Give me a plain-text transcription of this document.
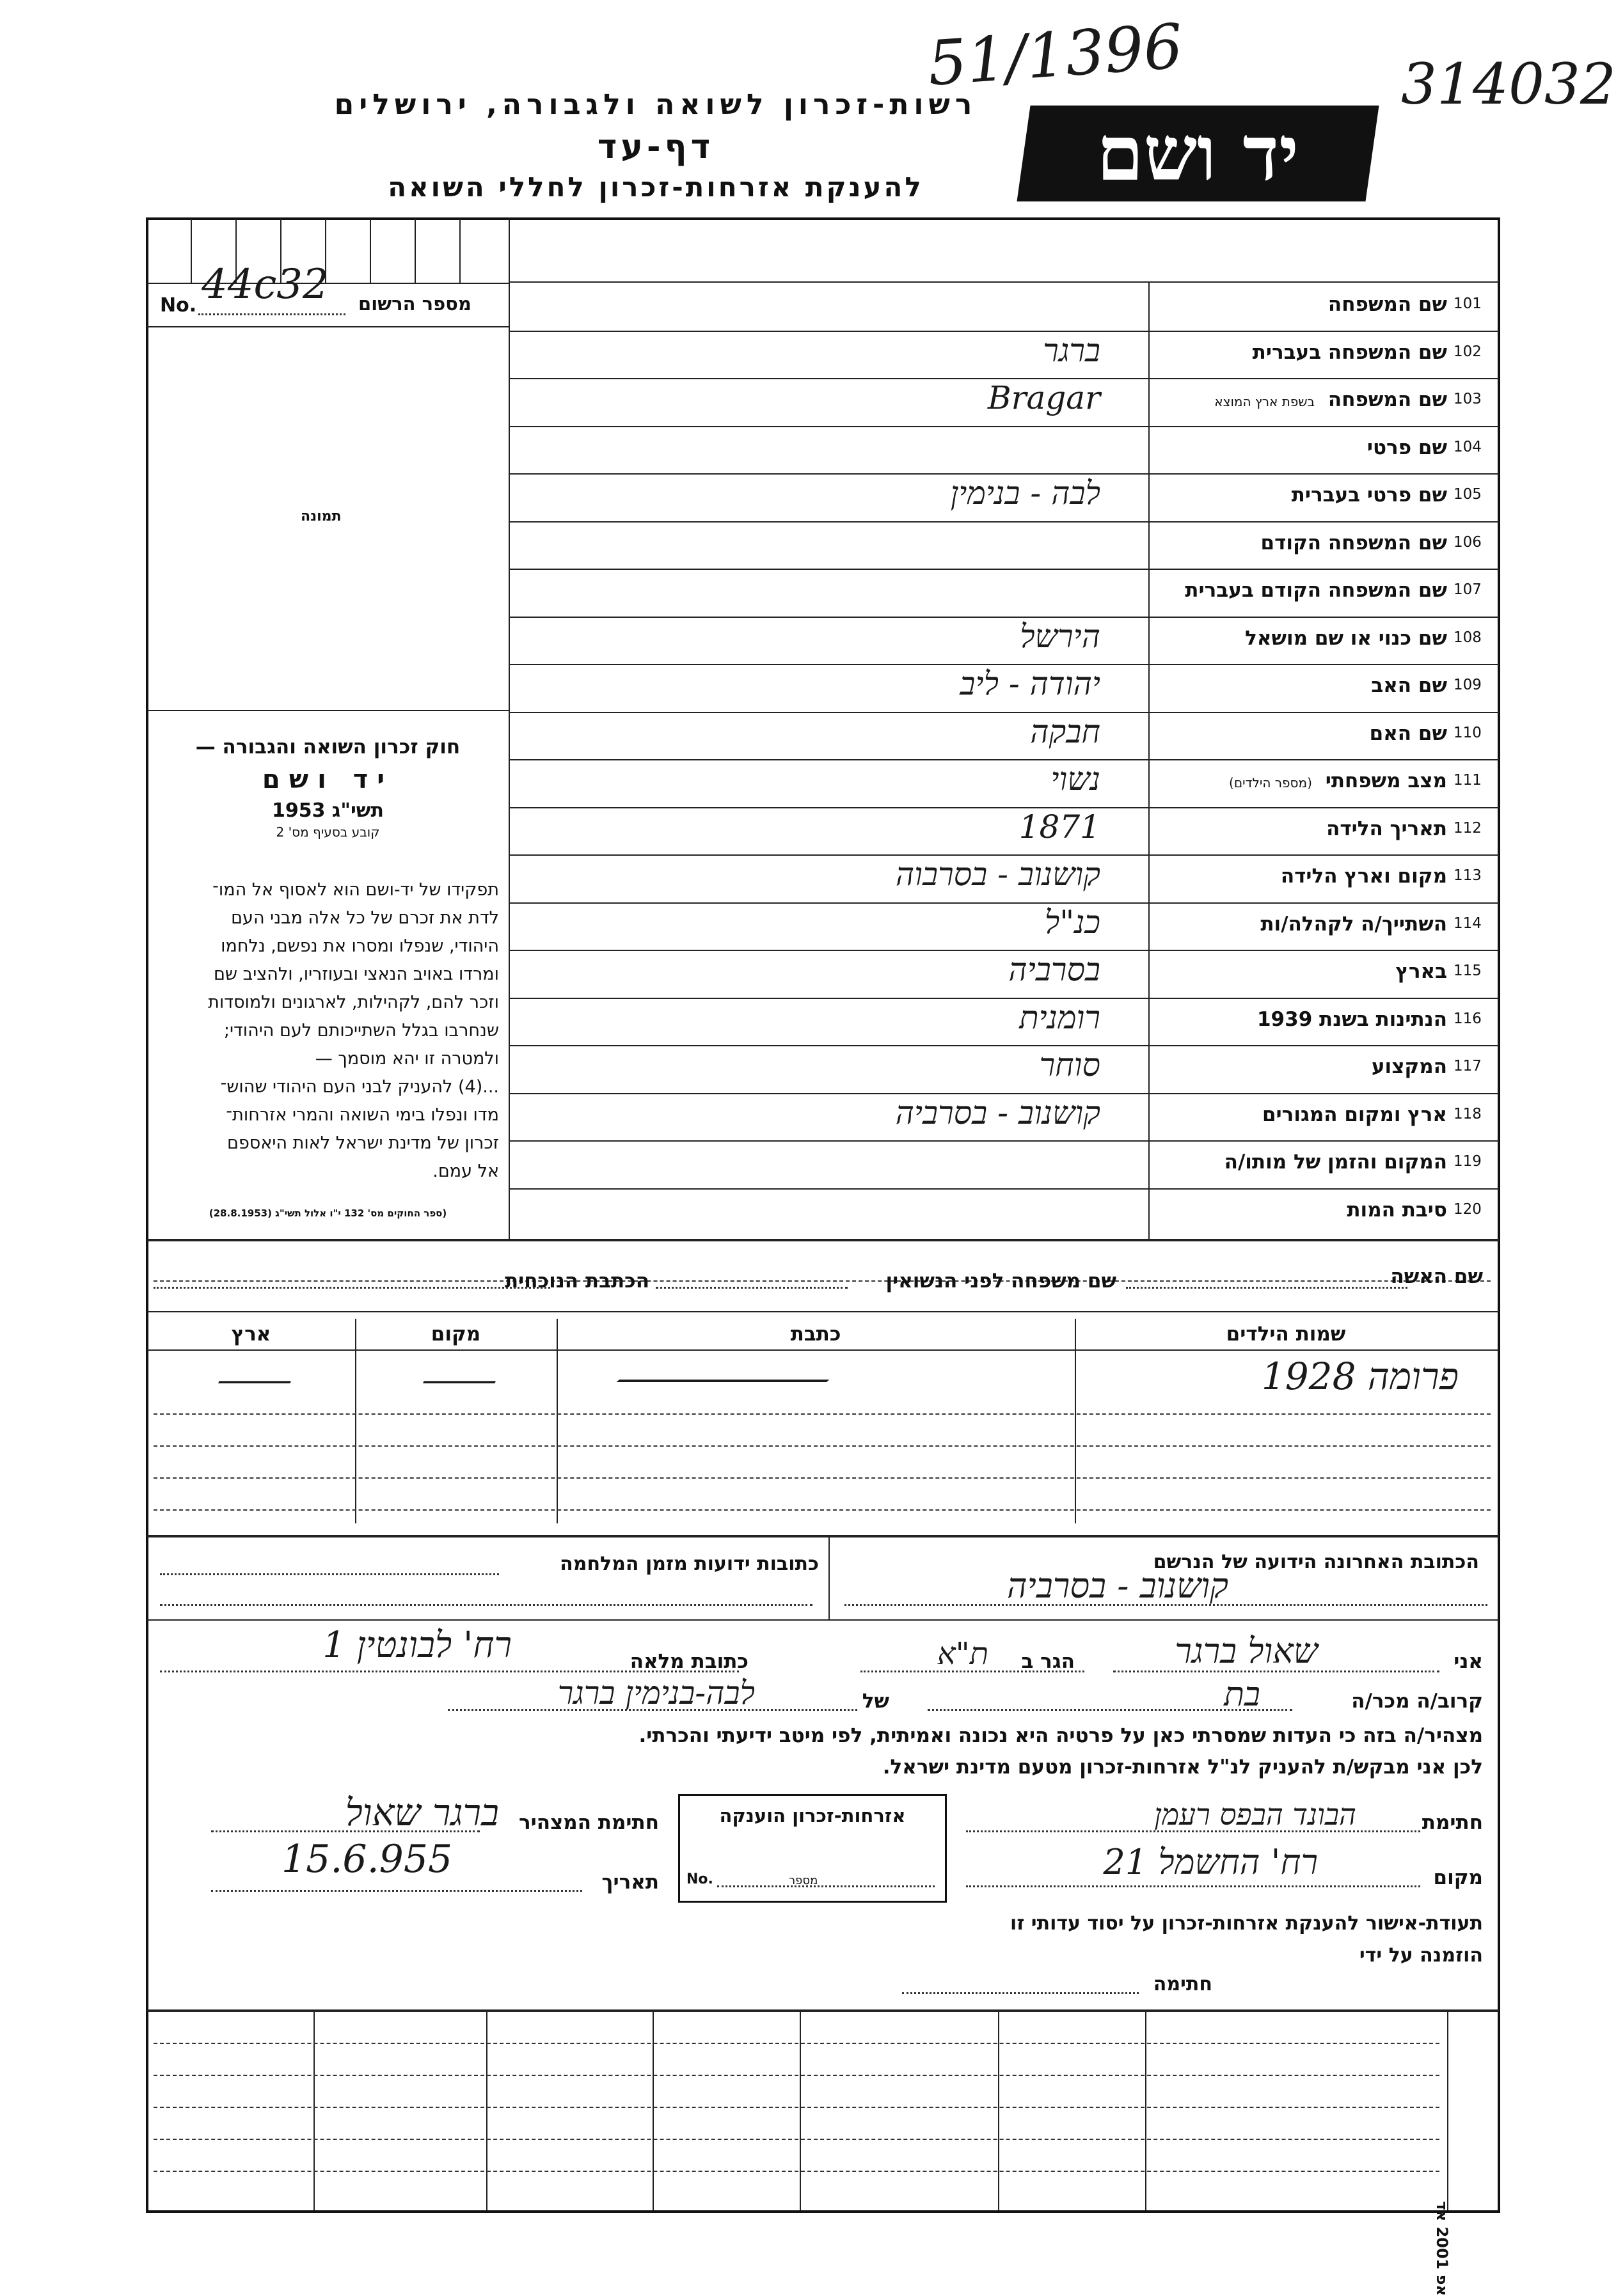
51/1396	314032
יד ושם
רשות-זכרון לשואה ולגבורה, ירושלים
דף-עד
להענקת אזרחות-זכרון לחללי השואה
מספר הרשום
No. 44c32
תמונה

חוק זכרון השואה והגבורה —

יד ושם

תשי"ג 1953

קובע בסעיף מס' 2

תפקידו של יד-ושם הוא לאסוף אל המו־
לדת את זכרם של כל אלה מבני העם
היהודי, שנפלו ומסרו את נפשם, נלחמו
ומרדו באויב הנאצי ובעוזריו, ולהציב שם
וזכר להם, לקהילות, לארגונים ולמוסדות
שנחרבו בגלל השתייכותם לעם היהודי;
ולמטרה זו יהא מוסמך —
...(4) להעניק לבני העם היהודי שהוש־
מדו ונפלו בימי השואה והמרי אזרחות־
זכרון של מדינת ישראל לאות היאספם
אל עמם.
(ספר החוקים מס' 132 י"ו אלול תשי"ג (28.8.1953)
101
שם המשפחה
102
שם המשפחה בעברית
ברגר
103
שם המשפחה בשפת ארץ המוצא
Bragar
104
שם פרטי
105
שם פרטי בעברית
לבה - בנימין
106
שם המשפחה הקודם
107
שם המשפחה הקודם בעברית
108
שם כנוי או שם מושאל
הירשל
109
שם האב
יהודה - ליב
110
שם האם
חבקה
111
מצב משפחתי (מספר הילדים)
נשוי
112
תאריך הלידה
1871
113
מקום וארץ הלידה
קושנוב - בסרבוה
114
השתייך/ה לקהלה/ות
כנ"ל
115
בארץ
בסרביה
116
הנתינות בשנת 1939
רומנית
117
המקצוע
סוחר
118
ארץ ומקום המגורים
קושנוב - בסרביה
119
המקום והזמן של מותו/ה
120
סיבת המות
שם האשה
שם משפחה לפני הנשואין
הכתבת הנוכחית
שמות הילדים
כתבת
מקום
ארץ
פרומה 1928
—
—
—
הכתובת האחרונה הידועה של הנרשם
קושנוב - בסרביה
כתובות ידועות מזמן המלחמה
אני
שאול ברגר
הגר ב
ת"א
כתובת מלאה
רח' לבונטין 1
קרוב/ה מכר/ה
בת
של
לבה-בנימין ברגר
מצהיר/ה בזה כי העדות שמסרתי כאן על פרטיה היא נכונה ואמיתית, לפי מיטב ידיעתי והכרתי.
לכן אני מבקש/ת להעניק לנ"ל אזרחות-זכרון מטעם מדינת ישראל.
חתימת
הבונד הבפס רעמן
מקום
רח' החשמל 21
אזרחות-זכרון הוענקה
No.	מספר
חתימת המצהיר
ברגר שאול
תאריך
15.6.955
תעודת-אישור להענקת אזרחות-זכרון על יסוד עדותי זו
הוזמנה על ידי
חתימה
אפ 2001 אד
